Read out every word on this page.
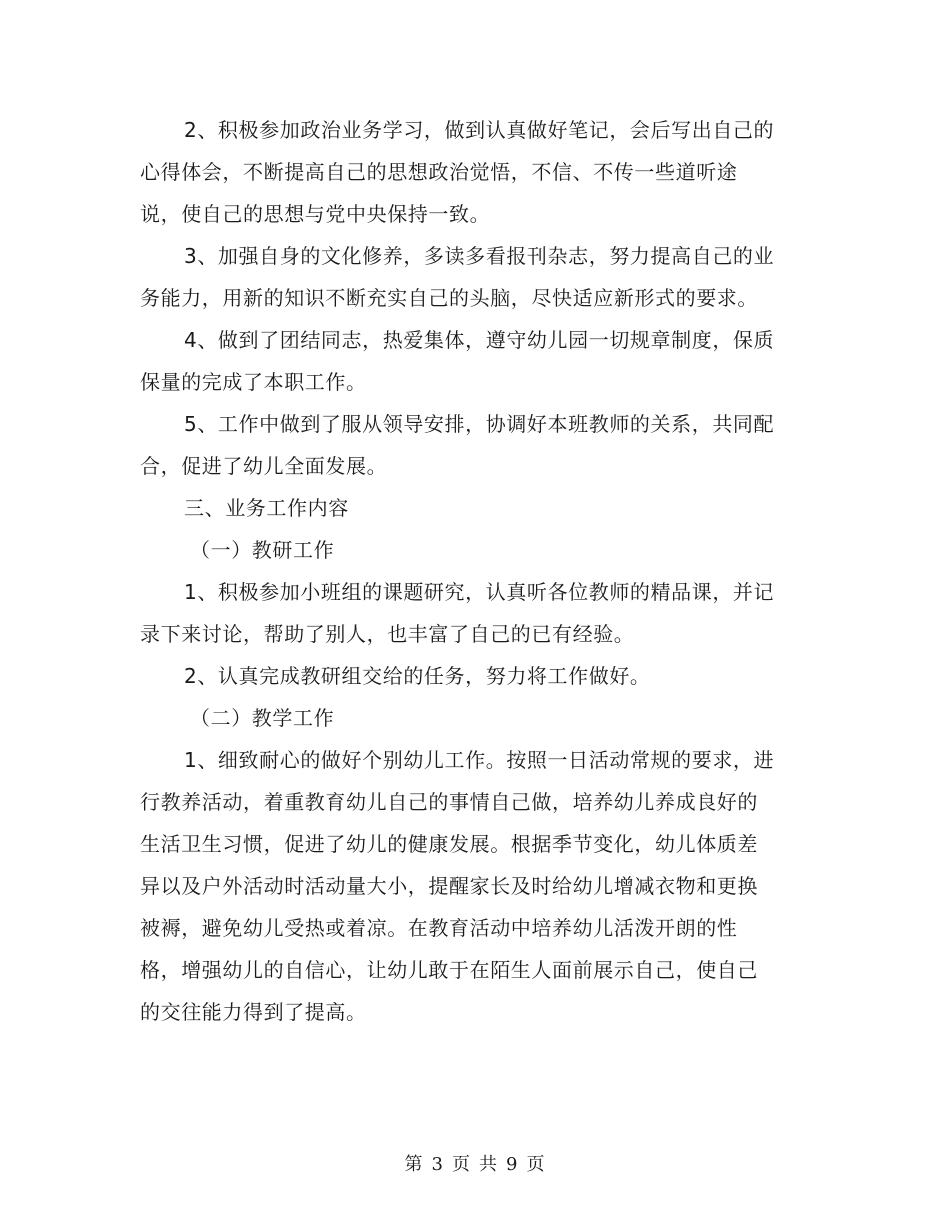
2、积极参加政治业务学习，做到认真做好笔记，会后写出自己的
心得体会，不断提高自己的思想政治觉悟，不信、不传一些道听途
说，使自己的思想与党中央保持一致。
3、加强自身的文化修养，多读多看报刊杂志，努力提高自己的业
务能力，用新的知识不断充实自己的头脑，尽快适应新形式的要求。
4、做到了团结同志，热爱集体，遵守幼儿园一切规章制度，保质
保量的完成了本职工作。
5、工作中做到了服从领导安排，协调好本班教师的关系，共同配
合，促进了幼儿全面发展。
三、业务工作内容
（一）教研工作
1、积极参加小班组的课题研究，认真听各位教师的精品课，并记
录下来讨论，帮助了别人，也丰富了自己的已有经验。
2、认真完成教研组交给的任务，努力将工作做好。
（二）教学工作
1、细致耐心的做好个别幼儿工作。按照一日活动常规的要求，进
行教养活动，着重教育幼儿自己的事情自己做，培养幼儿养成良好的
生活卫生习惯，促进了幼儿的健康发展。根据季节变化，幼儿体质差
异以及户外活动时活动量大小，提醒家长及时给幼儿增减衣物和更换
被褥，避免幼儿受热或着凉。在教育活动中培养幼儿活泼开朗的性
格，增强幼儿的自信心，让幼儿敢于在陌生人面前展示自己，使自己
的交往能力得到了提高。
第 3 页 共 9 页
